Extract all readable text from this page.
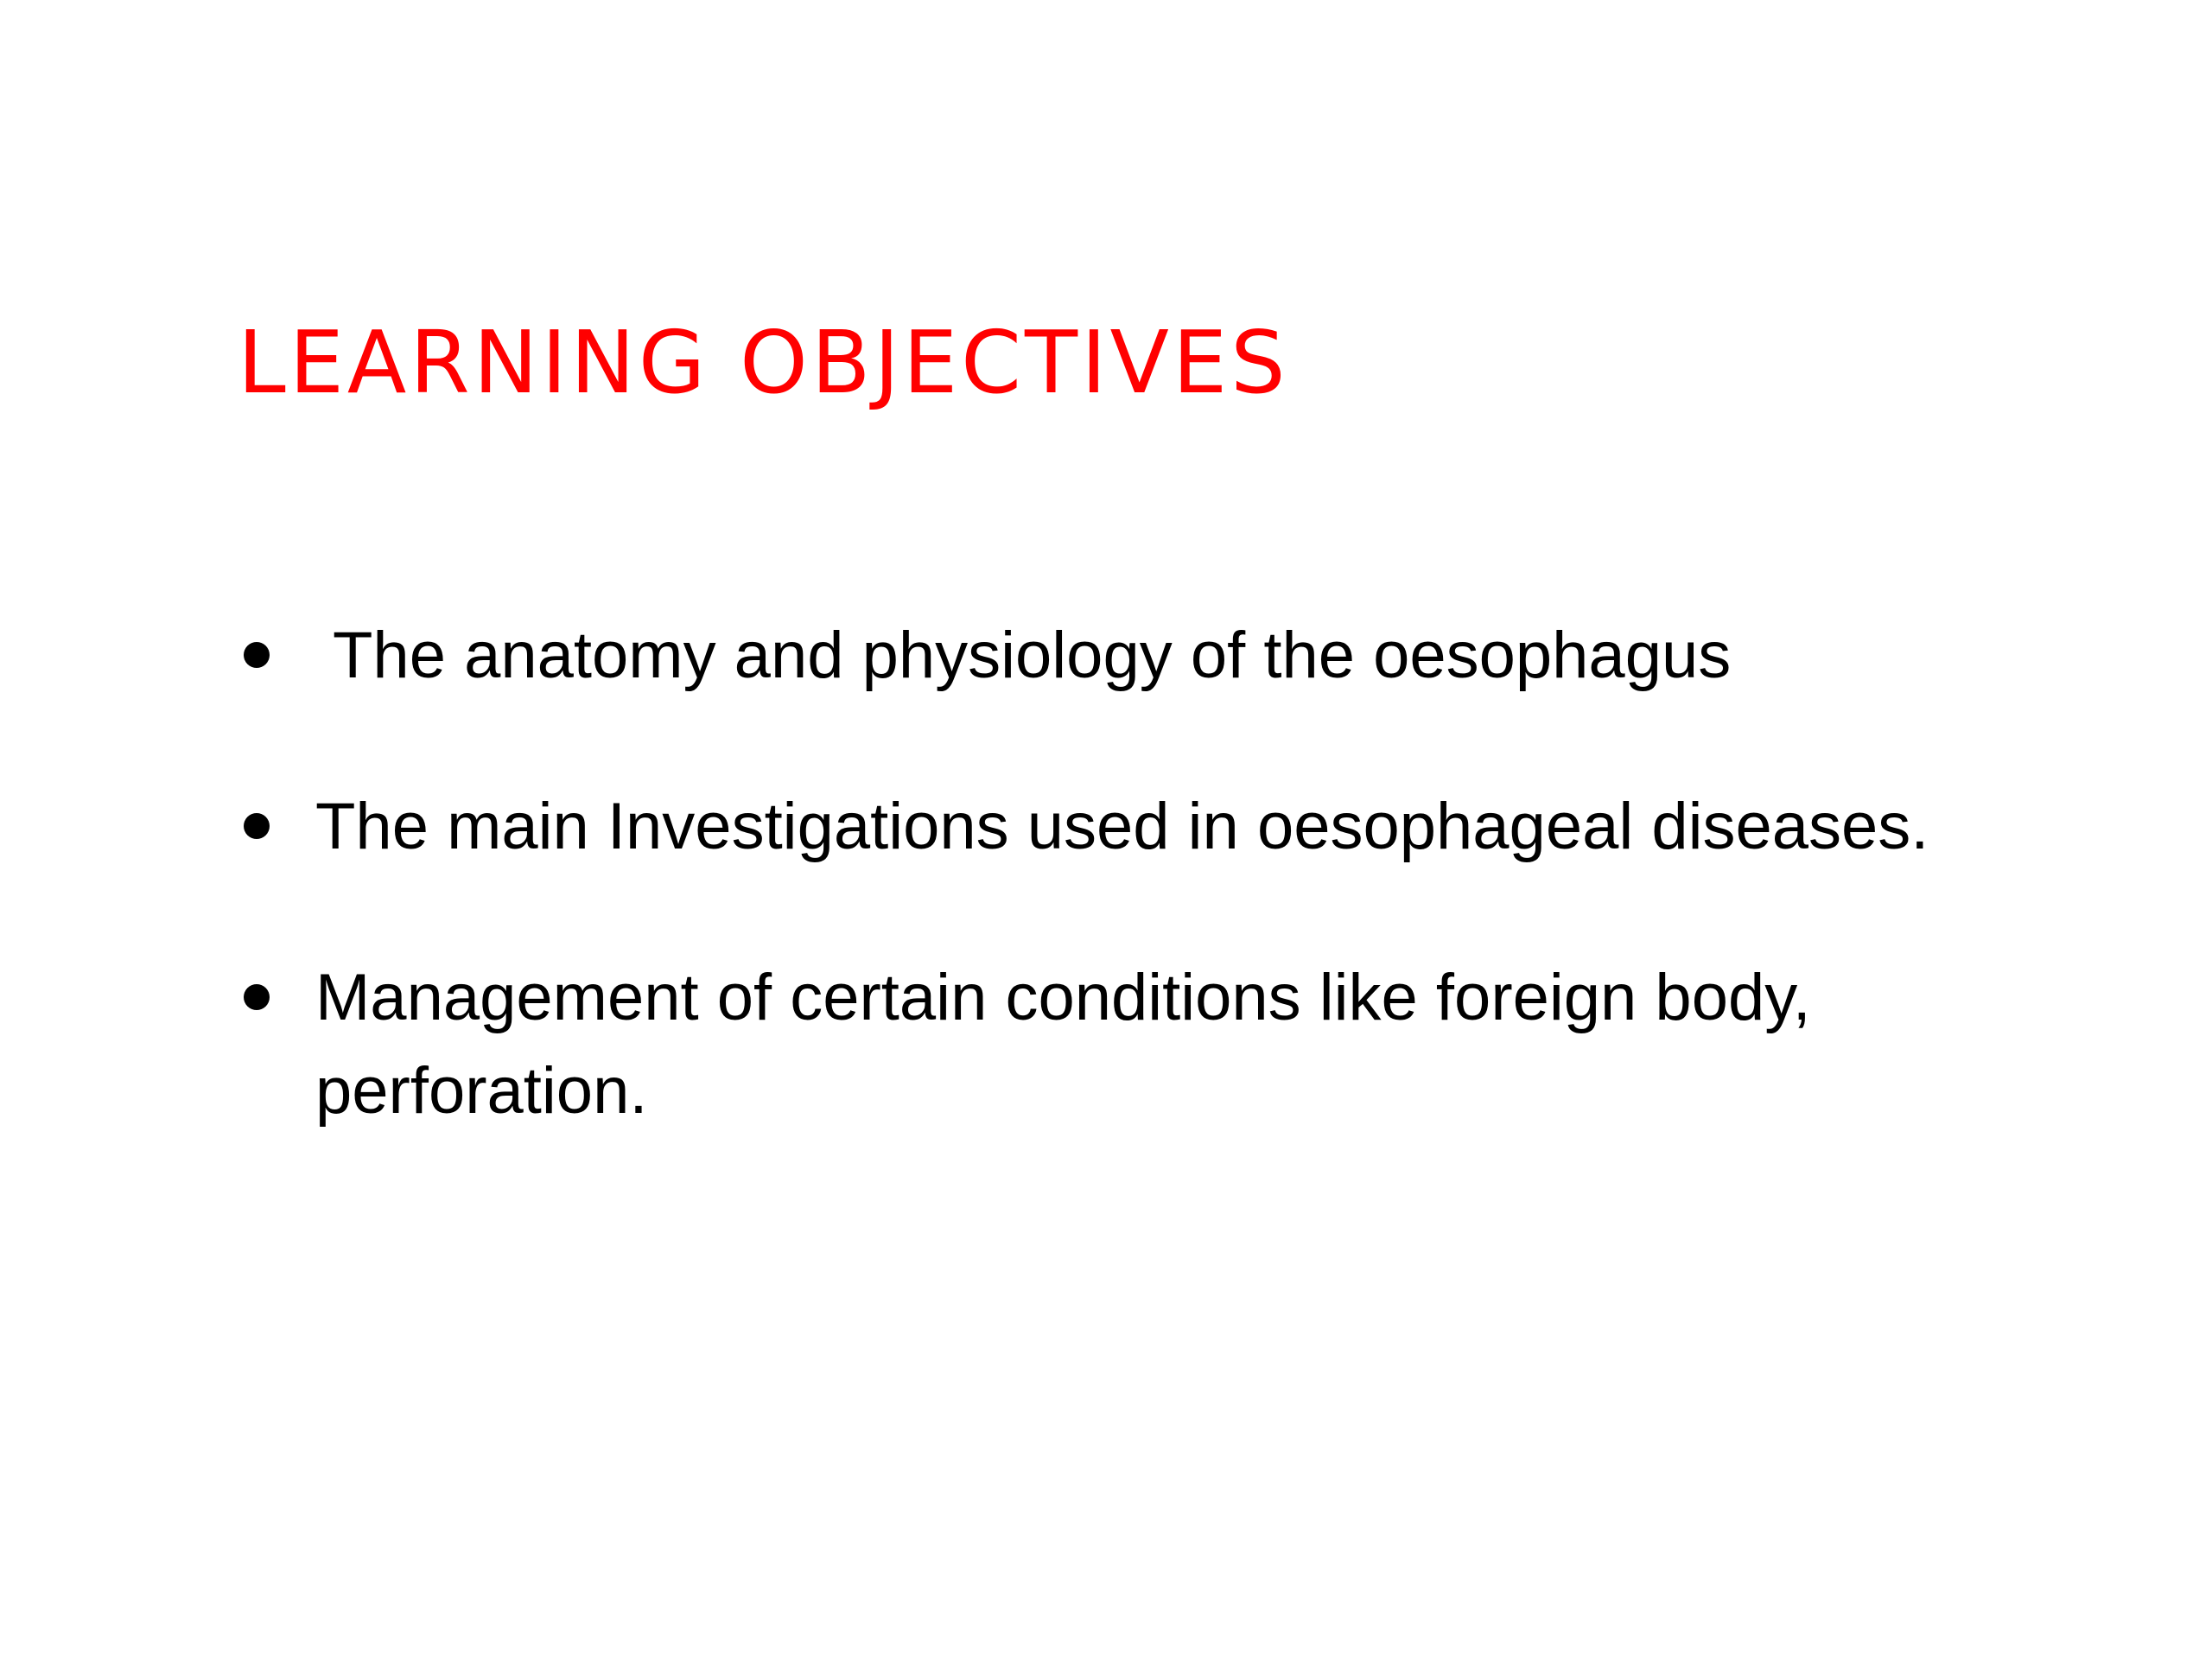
LEARNING OBJECTIVES
The anatomy and physiology of the oesophagus
The main Investigations used in oesophageal diseases.
Management of certain conditions like foreign body, perforation.
